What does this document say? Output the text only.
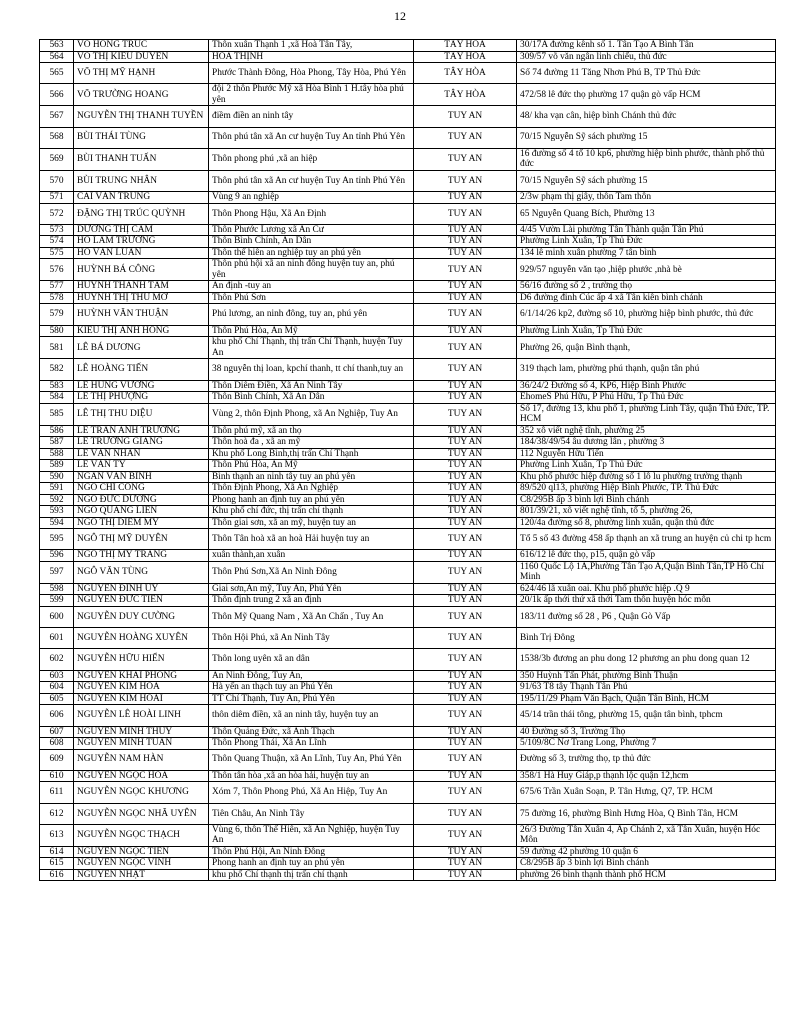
12
563	VÕ HỒNG TRÚC	Thôn xuân Thạnh 1 ,xã Hoà Tân Tây,	TÂY HÒA	30/17A đường kênh số 1. Tân Tạo A Bình Tân
564	VÕ THỊ KIỀU DUYÊN	HÒA THỊNH	TÂY HÒA	309/57 võ văn ngân linh chiểu, thủ đức
565	VÕ THỊ MỸ HẠNH	Phước Thành Đông, Hòa Phong, Tây Hòa, Phú Yên	TÂY HÒA	Số 74 đường 11 Tăng Nhơn Phú B, TP Thủ Đức
566	VÕ TRƯỜNG HOANG	đội 2 thôn Phước Mỹ xã Hòa Bình 1 H.tây hòa phú yên	TÂY HÒA	472/58 lê đức thọ phường 17 quận gò vấp HCM
567	NGUYỄN THỊ THANH TUYỀN	điềm điền an ninh tây	TUY AN	48/ kha vạn cân, hiệp bình Chánh thủ đức
568	BÙI THÁI TÙNG	Thôn phú tân xã An cư huyện Tuy An tỉnh Phú Yên	TUY AN	70/15 Nguyễn Sỹ sách phường 15
569	BÙI THANH TUẤN	Thôn phong phú ,xã an hiệp	TUY AN	16 đường số 4 tổ 10 kp6, phường hiệp bình phước, thành phố thủ đức
570	BÙI TRUNG NHÂN	Thôn phú tân xã An cư huyện Tuy An tỉnh Phú Yên	TUY AN	70/15 Nguyễn Sỹ sách phường 15
571	CAI VĂN TRUNG	Vùng 9 an nghiệp	TUY AN	2/3w phạm thị giây, thôn Tam thôn
572	ĐẶNG THỊ TRÚC QUỲNH	Thôn Phong Hậu, Xã An Định	TUY AN	65 Nguyễn Quang Bích, Phường 13
573	DƯƠNG THỊ CẨM	Thôn Phước Lương xã An Cư	TUY AN	4/45 Vườn Lài phường Tân Thành quận Tân Phú
574	HỒ LÂM TRƯỜNG	Thôn Bình Chính, An Dân	TUY AN	Phường Linh Xuân, Tp Thủ Đức
575	HỒ VĂN LUÂN	Thôn thế hiên an nghiệp tuy an phú yên	TUY AN	134 lê minh xuân phường 7 tân bình
576	HUỲNH BÁ CÔNG	Thôn phú hội xã an ninh đông huyện tuy an, phú yên	TUY AN	929/57 nguyễn văn tạo ,hiệp phước ,nhà bè
577	HUỲNH THANH TÂM	An định -tuy an	TUY AN	56/16 đường số 2 , trường thọ
578	HUỲNH THỊ THU MƠ	Thôn Phú Sơn	TUY AN	D6 đường đinh Cúc ấp 4 xã Tân kiên bình chánh
579	HUỲNH VĂN THUẬN	Phú lương, an ninh đông, tuy an, phú yên	TUY AN	6/1/14/26 kp2, đường số 10, phường hiệp bình phước, thủ đức
580	KIỀU THỊ ÁNH HỒNG	Thôn Phú Hòa, An Mỹ	TUY AN	Phường Linh Xuân, Tp Thủ Đức
581	LÊ BÁ DƯƠNG	khu phố Chí Thạnh, thị trấn Chí Thạnh, huyện Tuy An	TUY AN	Phường 26, quận Bình thạnh,
582	LÊ HOÀNG TIẾN	38 nguyễn thị loan, kpchí thanh, tt chí thanh,tuy an	TUY AN	319 thạch lam, phường phú thạnh, quận tân phú
583	LÊ HÙNG VƯƠNG	Thôn Diêm Điền, Xã An Ninh Tây	TUY AN	36/24/2 Đường số 4, KP6, Hiệp Bình Phước
584	LÊ THỊ PHƯỢNG	Thôn Bình Chính, Xã An Dân	TUY AN	EhomeS Phú Hữu, P Phú Hữu, Tp Thủ Đức
585	LÊ THỊ THU DIỆU	Vùng 2, thôn Định Phong, xã An Nghiệp, Tuy An	TUY AN	Số 17, đường 13, khu phố 1, phường Linh Tây, quận Thủ Đức, TP. HCM
586	LÊ TRẦN ANH TRƯỜNG	Thôn phú mỹ, xã an thọ	TUY AN	352 xô viết nghệ tĩnh, phường 25
587	LÊ TRƯỜNG GIANG	Thôn hoà đa , xã an mỹ	TUY AN	184/38/49/54 âu dương lân , phường 3
588	LÊ VĂN NHÂN	Khu phố Long Bình,thị trấn Chí Thạnh	TUY AN	112 Nguyễn Hữu Tiến
589	LÊ VĂN TỶ	Thôn Phú Hòa, An Mỹ	TUY AN	Phường Linh Xuân, Tp Thủ Đức
590	NGÂN VĂN BÌNH	Bình thạnh an ninh tây tuy an phú yên	TUY AN	Khu phố phước hiệp đường số 1 lô lu phường trường thạnh
591	NGÔ CHÍ CÔNG	Thôn Định Phong, Xã An Nghiệp	TUY AN	89/520 ql13, phường Hiệp Bình Phước, TP. Thủ Đức
592	NGÔ ĐỨC DƯƠNG	Phong hanh an định tuy an phú yên	TUY AN	C8/295B ấp 3 bình lợi Bình chánh
593	NGÔ QUANG LIÊN	Khu phố chí đức, thị trấn chí thạnh	TUY AN	801/39/21, xô viết nghệ tĩnh, tổ 5, phường 26,
594	NGÔ THỊ DIỄM MY	Thôn giai sơn, xã an mỹ, huyện tuy an	TUY AN	120/4a đường số 8, phường linh xuân, quận thủ đức
595	NGÔ THỊ MỸ DUYÊN	Thôn Tân hoà xã an hoà Hải huyện tuy an	TUY AN	Tổ 5 số 43 đường 458 ấp thạnh an xã trung an huyện củ chi tp hcm
596	NGÔ THỊ MỸ TRANG	xuân thành,an xuân	TUY AN	616/12 lê đức thọ, p15, quận gò vấp
597	NGÔ VĂN TÙNG	Thôn Phú Sơn,Xã An Ninh Đông	TUY AN	1160 Quốc Lộ 1A,Phường Tân Tạo A,Quận Bình Tân,TP Hồ Chí Minh
598	NGUYỄN ĐÌNH UÝ	Giai sơn,An mỹ, Tuy An, Phú Yên	TUY AN	624/46 lã xuân oai. Khu phố phước hiệp .Q 9
599	NGUYỄN ĐỨC TIẾN	Thôn định trung 2 xã an định	TUY AN	20/1k ấp thới thứ xã thới Tam thôn huyện hóc môn
600	NGUYỄN DUY CƯỜNG	Thôn Mỹ Quang Nam , Xã An Chấn , Tuy An	TUY AN	183/11 đường số 28 , P6 , Quận Gò Vấp
601	NGUYỄN HOÀNG XUYÊN	Thôn Hội Phú, xã An Ninh Tây	TUY AN	Bình Trị Đông
602	NGUYỄN HỮU HIỂN	Thôn long uyên xã an dân	TUY AN	1538/3b đương an phu dong 12 phương an phu dong quan 12
603	NGUYỄN KHẢI PHONG	An Ninh Đông, Tuy An,	TUY AN	350 Huỳnh Tấn Phát, phường Bình Thuận
604	NGUYỄN KIM HÒA	Hà yến an thạch tuy an Phú Yên	TUY AN	91/63 T8 tây Thạnh Tân Phú
605	NGUYỄN KIM HOÀI	TT Chí Thạnh, Tuy An, Phú Yên	TUY AN	195/11/29 Phạm Văn Bạch, Quận Tân Bình, HCM
606	NGUYỄN LÊ HOÀI LINH	thôn diêm điền, xã an ninh tây, huyện tuy an	TUY AN	45/14 trần thái tông, phường 15, quận tân bình, tphcm
607	NGUYỄN MINH THUY	Thôn Quảng Đức, xã Anh Thạch	TUY AN	40 Đường số 3, Trường Thọ
608	NGUYỄN MINH TUẤN	Thôn Phong Thái, Xã An Lĩnh	TUY AN	5/109/8C Nơ Trang Long, Phường 7
609	NGUYỄN NAM HÀN	Thôn Quang Thuận, xã An Lĩnh, Tuy An, Phú Yên	TUY AN	Đường số 3, trường thọ, tp thủ đức
610	NGUYỄN NGỌC HÒA	Thôn tân hòa ,xã an hòa hải, huyện tuy an	TUY AN	358/1 Hà Huy Giáp,p thạnh lộc quận 12,hcm
611	NGUYỄN NGỌC KHƯƠNG	Xóm 7, Thôn Phong Phú, Xã An Hiệp, Tuy An	TUY AN	675/6 Trần Xuân Soạn, P. Tân Hưng, Q7, TP. HCM
612	NGUYỄN NGỌC NHÃ UYÊN	Tiên Châu, An Ninh Tây	TUY AN	75 đường 16, phường Bình Hưng Hòa, Q Bình Tân, HCM
613	NGUYỄN NGỌC THẠCH	Vùng 6, thôn Thế Hiên, xã An Nghiệp, huyện Tuy An	TUY AN	26/3 Đường Tân Xuân 4, Ấp Chánh 2, xã Tân Xuân, huyện Hóc Môn
614	NGUYỄN NGỌC TIẾN	Thôn Phú Hội, An Ninh Đông	TUY AN	59 đường 42 phường 10 quận 6
615	NGUYỄN NGỌC VINH	Phong hanh an định tuy an phú yên	TUY AN	C8/295B ấp 3 bình lợi Bình chánh
616	NGUYỄN NHẬT	khu phố Chí thạnh thị trấn chí thạnh	TUY AN	phường 26 bình thạnh thành phố HCM
